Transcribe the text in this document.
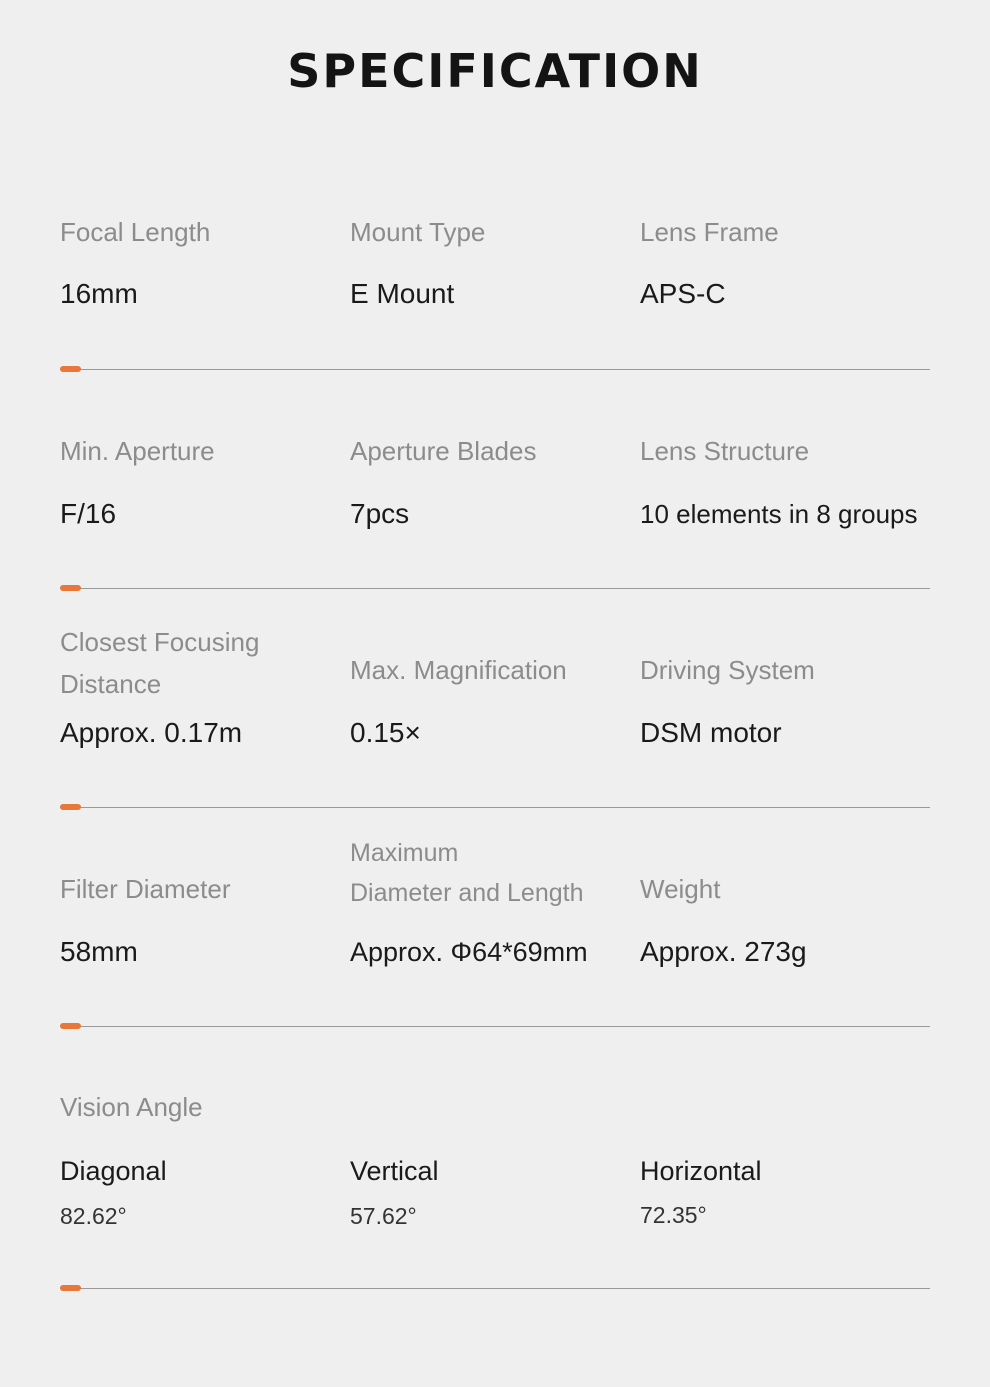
SPECIFICATION
Focal Length
16mm
Mount Type
E Mount
Lens Frame
APS-C
Min. Aperture
F/16
Aperture Blades
7pcs
Lens Structure
10 elements in 8 groups
Closest Focusing
Distance
Approx. 0.17m
Max. Magnification
0.15×
Driving System
DSM motor
Filter Diameter
58mm
Maximum
Diameter and Length
Approx. Φ64*69mm
Weight
Approx. 273g
Vision Angle
Diagonal
82.62°
Vertical
57.62°
Horizontal
72.35°
